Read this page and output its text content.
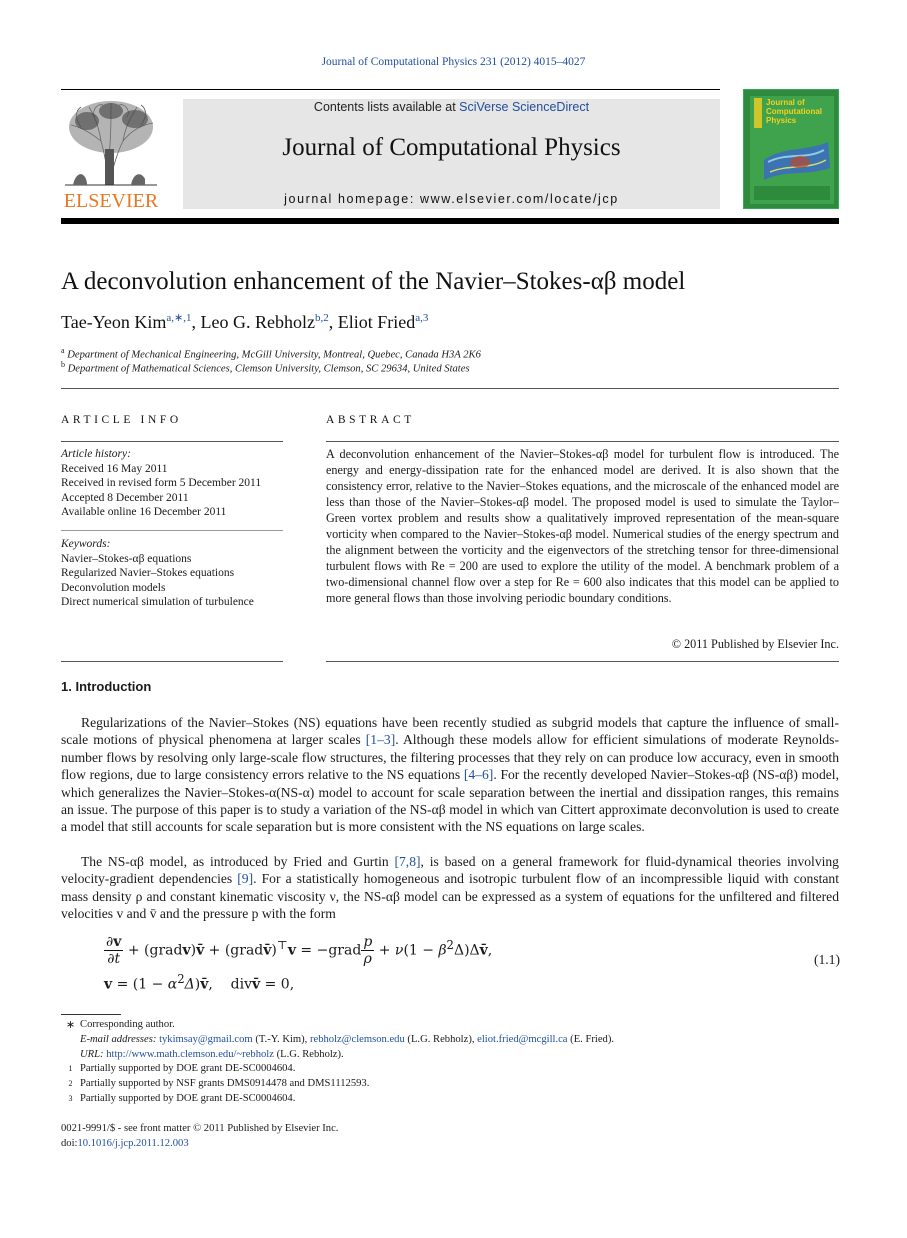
Journal of Computational Physics 231 (2012) 4015–4027
ELSEVIER
Contents lists available at SciVerse ScienceDirect
Journal of Computational Physics
journal homepage: www.elsevier.com/locate/jcp
Journal of Computational Physics
A deconvolution enhancement of the Navier–Stokes-αβ model
Tae-Yeon Kim$^{a,∗,1}$, Leo G. Rebholz$^{b,2}$, Eliot Fried$^{a,3}$
$^a$ Department of Mechanical Engineering, McGill University, Montreal, Quebec, Canada H3A 2K6
$^b$ Department of Mathematical Sciences, Clemson University, Clemson, SC 29634, United States
ARTICLE INFO	ABSTRACT
Article history:
Received 16 May 2011
Received in revised form 5 December 2011
Accepted 8 December 2011
Available online 16 December 2011
Keywords:
Navier–Stokes-αβ equations
Regularized Navier–Stokes equations
Deconvolution models
Direct numerical simulation of turbulence
A deconvolution enhancement of the Navier–Stokes-αβ model for turbulent flow is introduced. The energy and energy-dissipation rate for the enhanced model are derived. It is also shown that the consistency error, relative to the Navier–Stokes equations, and the microscale of the enhanced model are less than those of the Navier–Stokes-αβ model. The proposed model is used to simulate the Taylor–Green vortex problem and results show a qualitatively improved representation of the mean-square vorticity when compared to the Navier–Stokes-αβ model. Numerical studies of the energy spectrum and the alignment between the vorticity and the eigenvectors of the stretching tensor for three-dimensional turbulent flows with Re = 200 are used to explore the utility of the model. A benchmark problem of a two-dimensional channel flow over a step for Re = 600 also indicates that this model can be applied to more general flows than those involving periodic boundary conditions.
© 2011 Published by Elsevier Inc.
1. Introduction
Regularizations of the Navier–Stokes (NS) equations have been recently studied as subgrid models that capture the influence of small-scale motions of physical phenomena at larger scales [1–3]. Although these models allow for efficient simulations of moderate Reynolds-number flows by resolving only large-scale flow structures, the filtering processes that they rely on can produce low accuracy, even in smooth flow regions, due to large consistency errors relative to the NS equations [4–6]. For the recently developed Navier–Stokes-αβ (NS-αβ) model, which generalizes the Navier–Stokes-α(NS-α) model to account for scale separation between the inertial and dissipation ranges, this remains an issue. The purpose of this paper is to study a variation of the NS-αβ model in which van Cittert approximate deconvolution is used to create a model that still accounts for scale separation but is more consistent with the NS equations on large scales.
The NS-αβ model, as introduced by Fried and Gurtin [7,8], is based on a general framework for fluid-dynamical theories involving velocity-gradient dependencies [9]. For a statistically homogeneous and isotropic turbulent flow of an incompressible liquid with constant mass density ρ and constant kinematic viscosity ν, the NS-αβ model can be expressed as a system of equations for the unfiltered and filtered velocities v and v̄ and the pressure p with the form
$\frac{\partial v}{\partial t}$ + (gradv)v̄ + (gradv̄)⊤v = −grad $\frac{p}{\rho} + \nu(1$ − $\beta^2\Delta)\Delta v̄$,
$v = (1 - \alpha^2\Delta)v̄$,    divv̄ = 0,
(1.1)
∗ Corresponding author.
E-mail addresses: tykimsay@gmail.com (T.-Y. Kim), rebholz@clemson.edu (L.G. Rebholz), eliot.fried@mcgill.ca (E. Fried).
URL: http://www.math.clemson.edu/~rebholz (L.G. Rebholz).
1 Partially supported by DOE grant DE-SC0004604.
2 Partially supported by NSF grants DMS0914478 and DMS1112593.
3 Partially supported by DOE grant DE-SC0004604.
0021-9991/$ - see front matter © 2011 Published by Elsevier Inc.
doi:10.1016/j.jcp.2011.12.003
